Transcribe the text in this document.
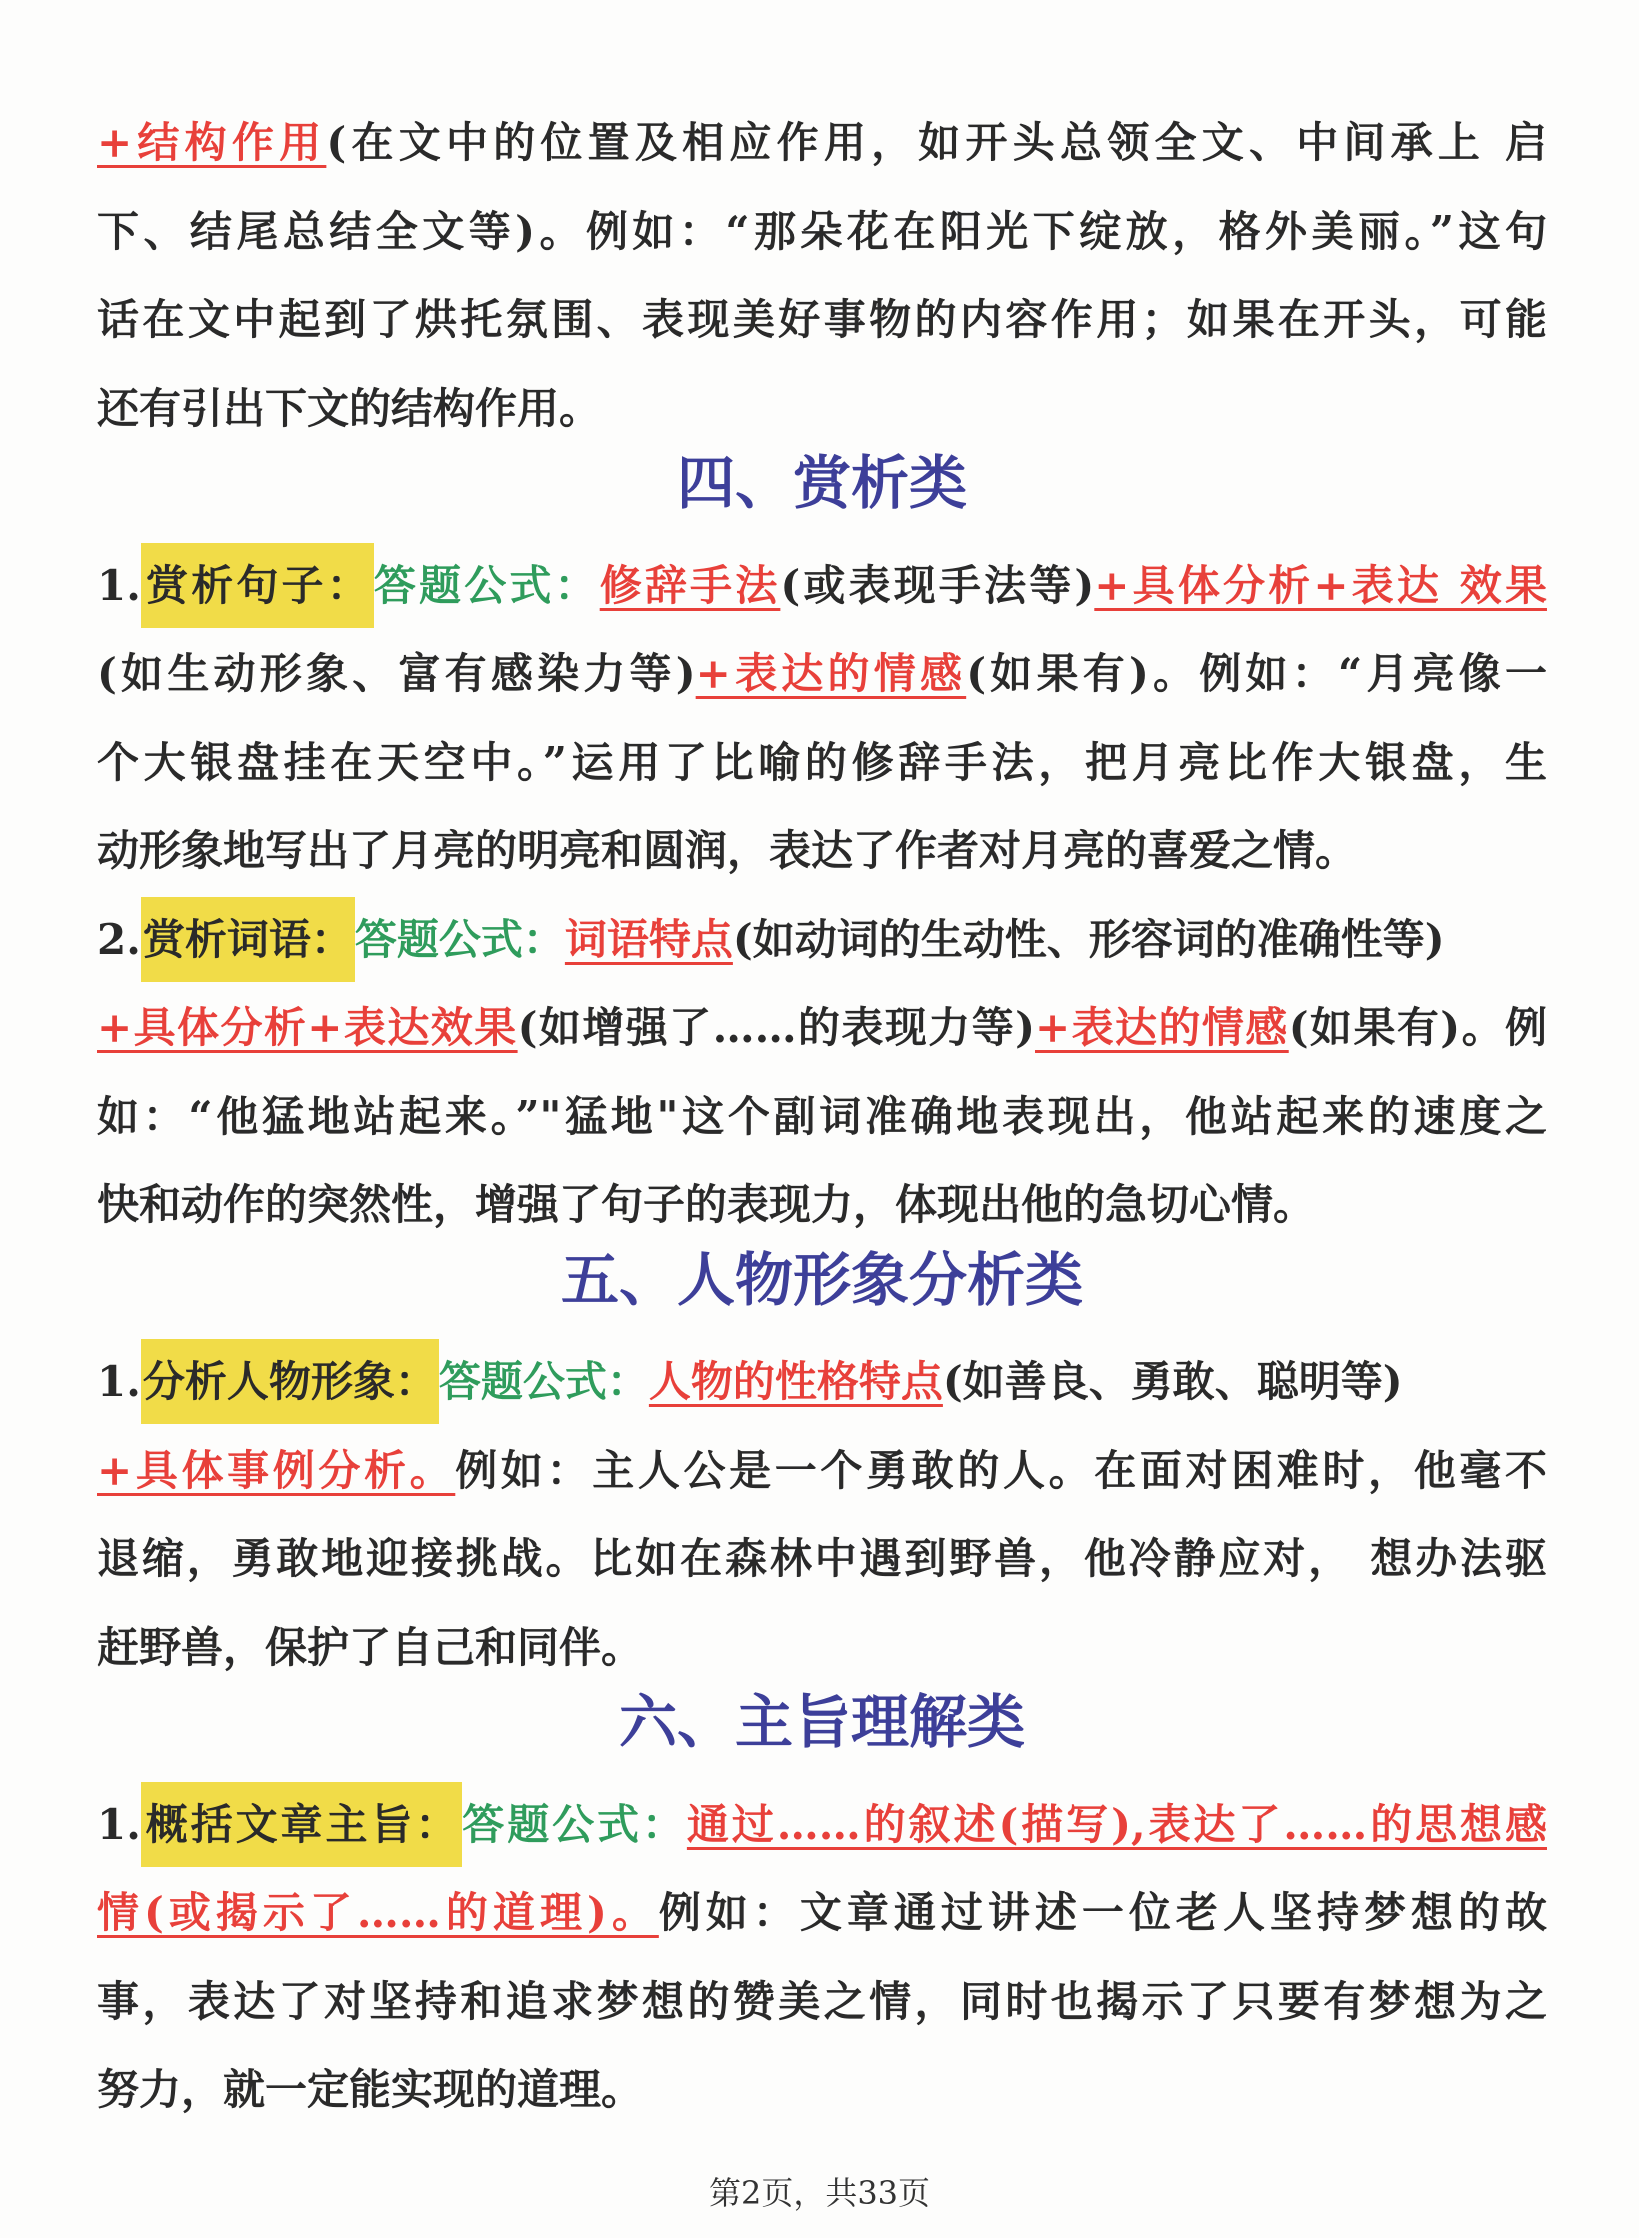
+结构作用(在文中的位置及相应作用，如开头总领全文、中间承上 启
下、结尾总结全文等)。例如：“那朵花在阳光下绽放，格外美丽。”这句
话在文中起到了烘托氛围、表现美好事物的内容作用；如果在开头，可能
还有引出下文的结构作用。
四、赏析类
1.赏析句子：答题公式：修辞手法(或表现手法等)+具体分析+表达 效果
(如生动形象、富有感染力等)+表达的情感(如果有)。例如：“月亮像一
个大银盘挂在天空中。”运用了比喻的修辞手法，把月亮比作大银盘，生
动形象地写出了月亮的明亮和圆润，表达了作者对月亮的喜爱之情。
2.赏析词语：答题公式：词语特点(如动词的生动性、形容词的准确性等)
+具体分析+表达效果(如增强了……的表现力等)+表达的情感(如果有)。例
如：“他猛地站起来。”"猛地"这个副词准确地表现出，他站起来的速度之
快和动作的突然性，增强了句子的表现力，体现出他的急切心情。
五、人物形象分析类
1.分析人物形象：答题公式：人物的性格特点(如善良、勇敢、聪明等)
+具体事例分析。例如：主人公是一个勇敢的人。在面对困难时，他毫不
退缩，勇敢地迎接挑战。比如在森林中遇到野兽，他冷静应对， 想办法驱
赶野兽，保护了自己和同伴。
六、主旨理解类
1.概括文章主旨：答题公式：通过……的叙述(描写),表达了……的思想感
情(或揭示了……的道理)。例如：文章通过讲述一位老人坚持梦想的故
事，表达了对坚持和追求梦想的赞美之情，同时也揭示了只要有梦想为之
努力，就一定能实现的道理。
第2页，共33页
